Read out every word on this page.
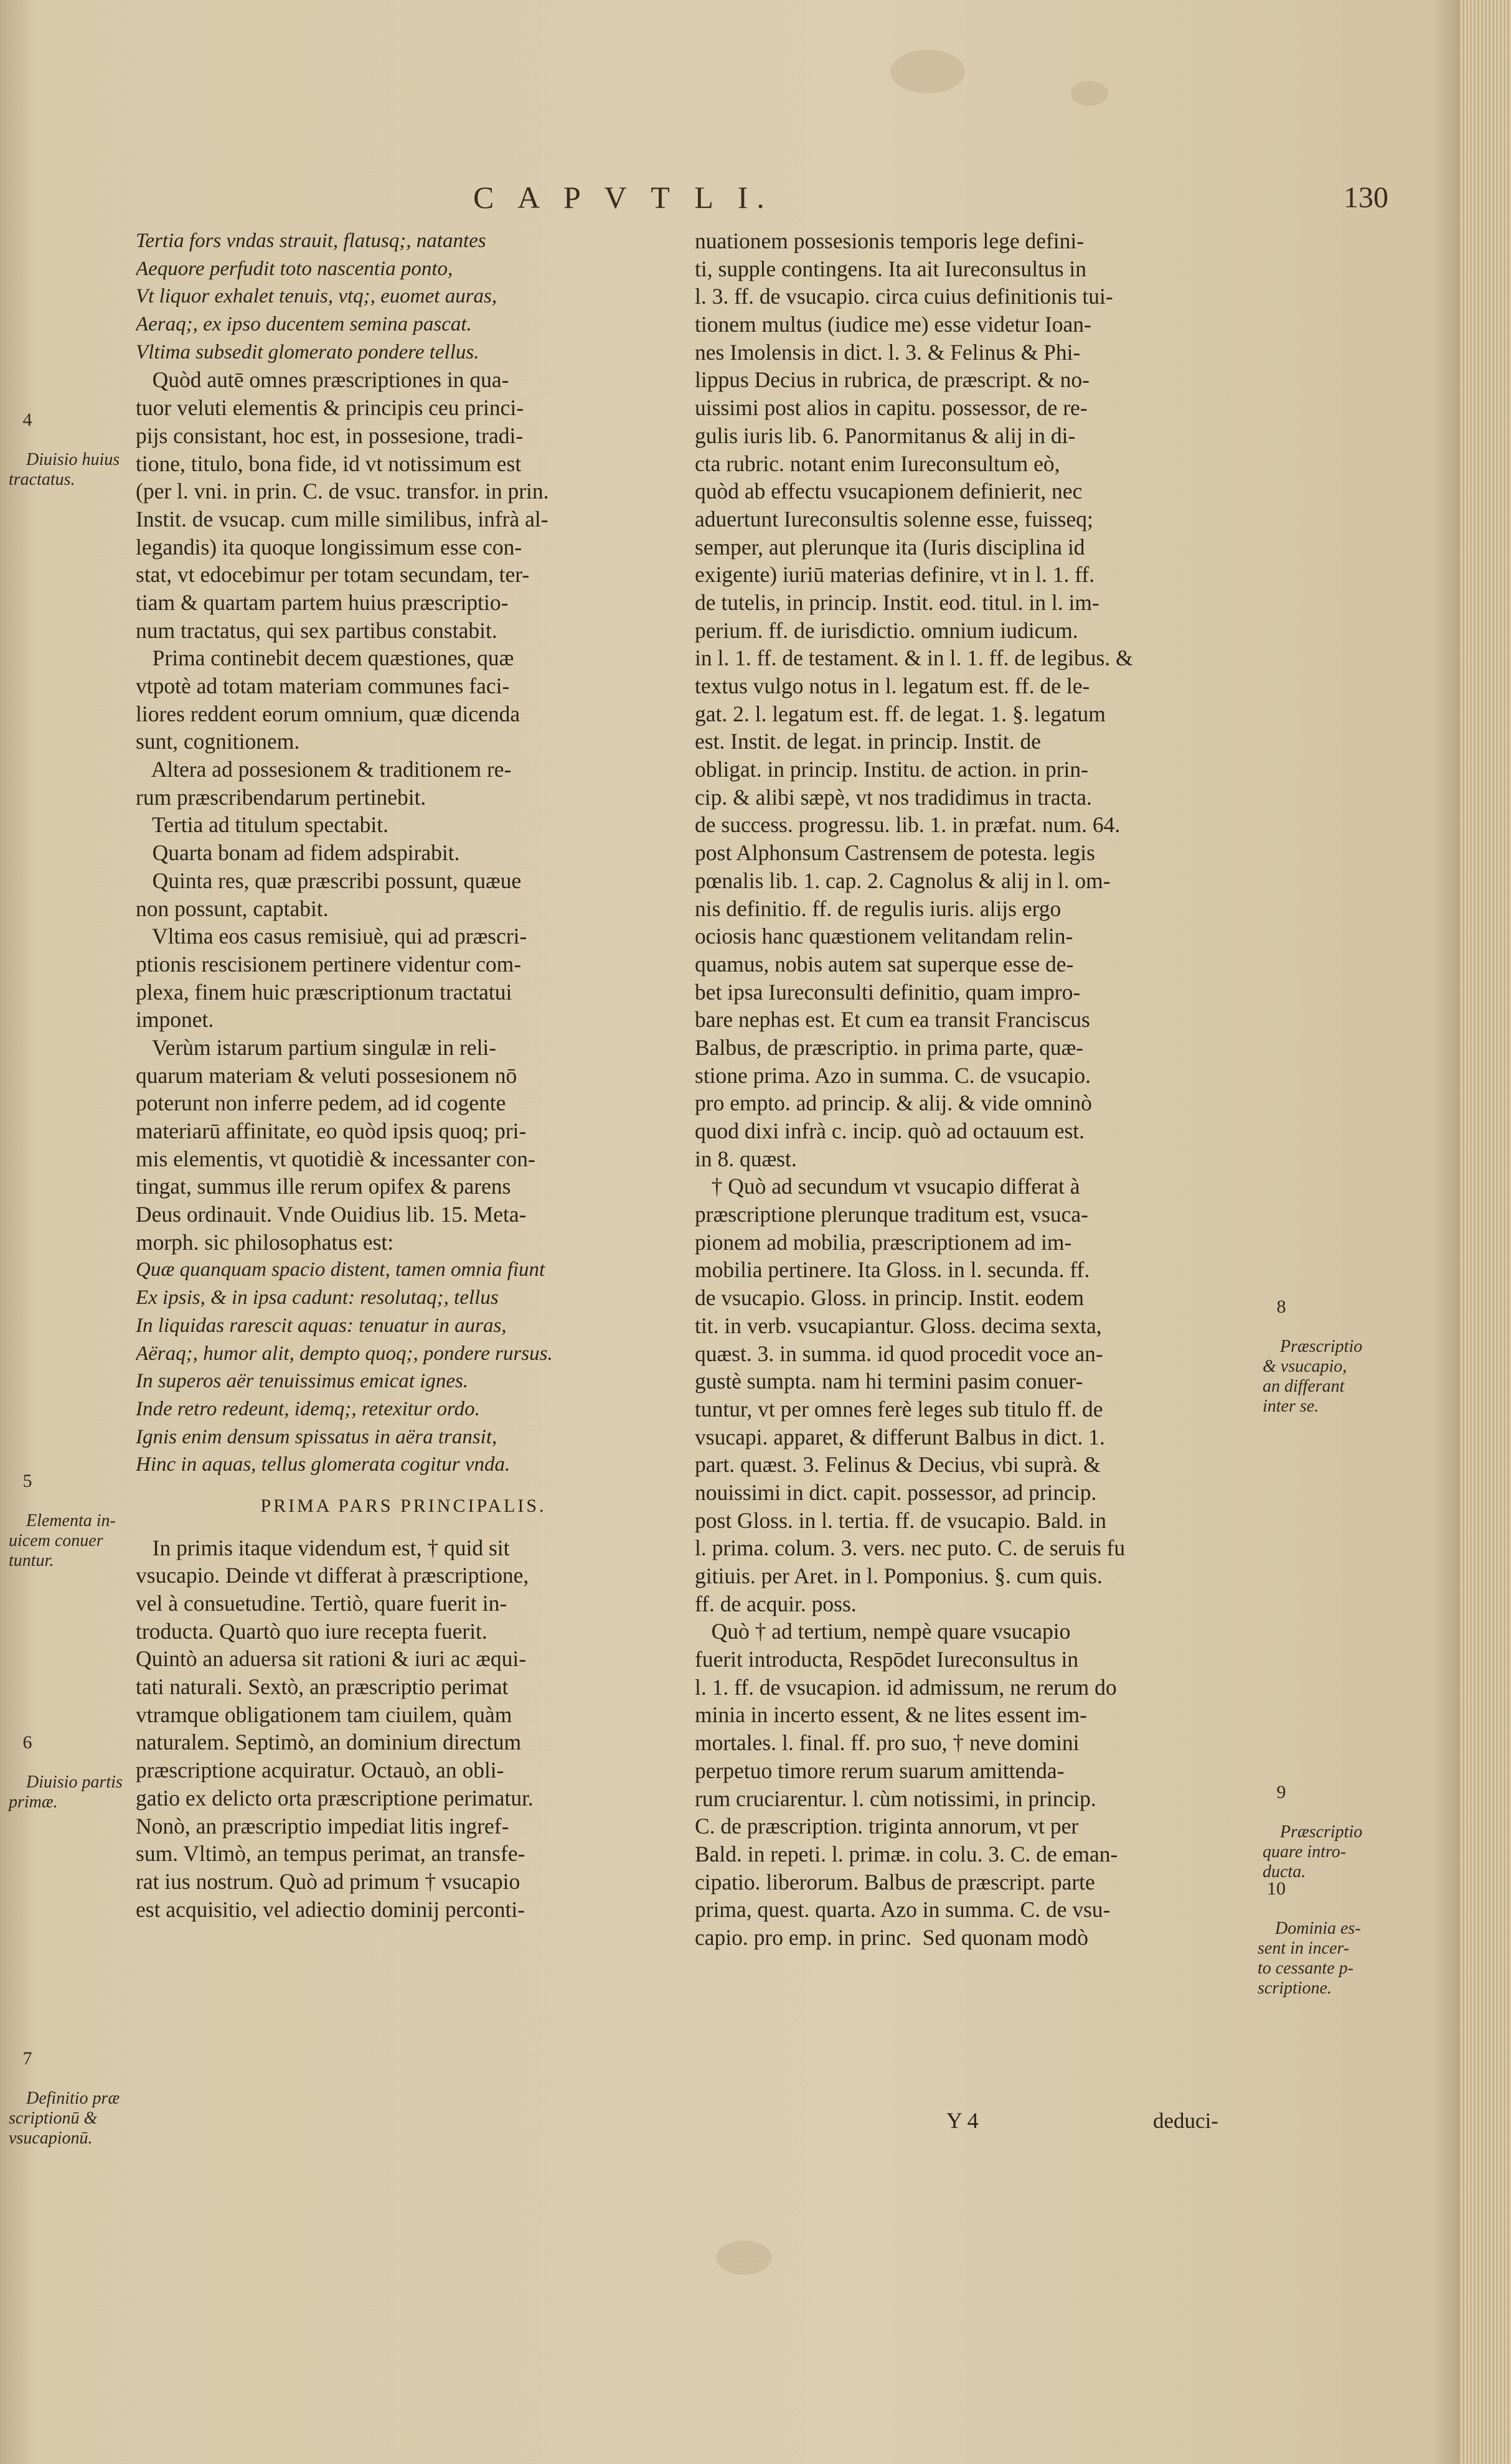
C A P V T L I.	130
Tertia fors vndas strauit, flatusq;, natantes
Aequore perfudit toto nascentia ponto,
Vt liquor exhalet tenuis, vtq;, euomet auras,
Aeraq;, ex ipso ducentem semina pascat.
Vltima subsedit glomerato pondere tellus.
Quòd autē omnes præscriptiones in qua-
tuor veluti elementis & principis ceu princi-
pijs consistant, hoc est, in possesione, tradi-
tione, titulo, bona fide, id vt notissimum est
(per l. vni. in prin. C. de vsuc. transfor. in prin.
Instit. de vsucap. cum mille similibus, infrà al-
legandis) ita quoque longissimum esse con-
stat, vt edocebimur per totam secundam, ter-
tiam & quartam partem huius præscriptio-
num tractatus, qui sex partibus constabit.
Prima continebit decem quæstiones, quæ
vtpotè ad totam materiam communes faci-
liores reddent eorum omnium, quæ dicenda
sunt, cognitionem.
Altera ad possesionem & traditionem re-
rum præscribendarum pertinebit.
Tertia ad titulum spectabit.
Quarta bonam ad fidem adspirabit.
Quinta res, quæ præscribi possunt, quæue
non possunt, captabit.
Vltima eos casus remisiuè, qui ad præscri-
ptionis rescisionem pertinere videntur com-
plexa, finem huic præscriptionum tractatui
imponet.
Verùm istarum partium singulæ in reli-
quarum materiam & veluti possesionem nō
poterunt non inferre pedem, ad id cogente
materiarū affinitate, eo quòd ipsis quoq; pri-
mis elementis, vt quotidiè & incessanter con-
tingat, summus ille rerum opifex & parens
Deus ordinauit. Vnde Ouidius lib. 15. Meta-
morph. sic philosophatus est:
Quæ quanquam spacio distent, tamen omnia fiunt
Ex ipsis, & in ipsa cadunt: resolutaq;, tellus
In liquidas rarescit aquas: tenuatur in auras,
Aëraq;, humor alit, dempto quoq;, pondere rursus.
In superos aër tenuissimus emicat ignes.
Inde retro redeunt, idemq;, retexitur ordo.
Ignis enim densum spissatus in aëra transit,
Hinc in aquas, tellus glomerata cogitur vnda.
PRIMA PARS PRINCIPALIS.
In primis itaque videndum est, † quid sit
vsucapio. Deinde vt differat à præscriptione,
vel à consuetudine. Tertiò, quare fuerit in-
troducta. Quartò quo iure recepta fuerit.
Quintò an aduersa sit rationi & iuri ac æqui-
tati naturali. Sextò, an præscriptio perimat
vtramque obligationem tam ciuilem, quàm
naturalem. Septimò, an dominium directum
præscriptione acquiratur. Octauò, an obli-
gatio ex delicto orta præscriptione perimatur.
Nonò, an præscriptio impediat litis ingref-
sum. Vltimò, an tempus perimat, an transfe-
rat ius nostrum. Quò ad primum † vsucapio
est acquisitio, vel adiectio dominij perconti-
nuationem possesionis temporis lege defini-
ti, supple contingens. Ita ait Iureconsultus in
l. 3. ff. de vsucapio. circa cuius definitionis tui-
tionem multus (iudice me) esse videtur Ioan-
nes Imolensis in dict. l. 3. & Felinus & Phi-
lippus Decius in rubrica, de præscript. & no-
uissimi post alios in capitu. possessor, de re-
gulis iuris lib. 6. Panormitanus & alij in di-
cta rubric. notant enim Iureconsultum eò,
quòd ab effectu vsucapionem definierit, nec
aduertunt Iureconsultis solenne esse, fuisseq;
semper, aut plerunque ita (Iuris disciplina id
exigente) iuriū materias definire, vt in l. 1. ff.
de tutelis, in princip. Instit. eod. titul. in l. im-
perium. ff. de iurisdictio. omnium iudicum.
in l. 1. ff. de testament. & in l. 1. ff. de legibus. &
textus vulgo notus in l. legatum est. ff. de le-
gat. 2. l. legatum est. ff. de legat. 1. §. legatum
est. Instit. de legat. in princip. Instit. de
obligat. in princip. Institu. de action. in prin-
cip. & alibi sæpè, vt nos tradidimus in tracta.
de success. progressu. lib. 1. in præfat. num. 64.
post Alphonsum Castrensem de potesta. legis
pœnalis lib. 1. cap. 2. Cagnolus & alij in l. om-
nis definitio. ff. de regulis iuris. alijs ergo
ociosis hanc quæstionem velitandam relin-
quamus, nobis autem sat superque esse de-
bet ipsa Iureconsulti definitio, quam impro-
bare nephas est. Et cum ea transit Franciscus
Balbus, de præscriptio. in prima parte, quæ-
stione prima. Azo in summa. C. de vsucapio.
pro empto. ad princip. & alij. & vide omninò
quod dixi infrà c. incip. quò ad octauum est.
in 8. quæst.
† Quò ad secundum vt vsucapio differat à
præscriptione plerunque traditum est, vsuca-
pionem ad mobilia, præscriptionem ad im-
mobilia pertinere. Ita Gloss. in l. secunda. ff.
de vsucapio. Gloss. in princip. Instit. eodem
tit. in verb. vsucapiantur. Gloss. decima sexta,
quæst. 3. in summa. id quod procedit voce an-
gustè sumpta. nam hi termini pasim conuer-
tuntur, vt per omnes ferè leges sub titulo ff. de
vsucapi. apparet, & differunt Balbus in dict. 1.
part. quæst. 3. Felinus & Decius, vbi suprà. &
nouissimi in dict. capit. possessor, ad princip.
post Gloss. in l. tertia. ff. de vsucapio. Bald. in
l. prima. colum. 3. vers. nec puto. C. de seruis fu
gitiuis. per Aret. in l. Pomponius. §. cum quis.
ff. de acquir. poss.
Quò † ad tertium, nempè quare vsucapio
fuerit introducta, Respōdet Iureconsultus in
l. 1. ff. de vsucapion. id admissum, ne rerum do
minia in incerto essent, & ne lites essent im-
mortales. l. final. ff. pro suo, † neve domini
perpetuo timore rerum suarum amittenda-
rum cruciarentur. l. cùm notissimi, in princip.
C. de præscription. triginta annorum, vt per
Bald. in repeti. l. primæ. in colu. 3. C. de eman-
cipatio. liberorum. Balbus de præscript. parte
prima, quest. quarta. Azo in summa. C. de vsu-
capio. pro emp. in princ.  Sed quonam modò

4

Diuisio huius
tractatus.

5

Elementa in-
uicem conuer
tuntur.

6

Diuisio partis
primæ.

7

Definitio præ
scriptionū &
vsucapionū.

8

Præscriptio
& vsucapio,
an differant
inter se.

9

Præscriptio
quare intro-
ducta.

10

Dominia es-
sent in incer-
to cessante p-
scriptione.

Y 4	deduci-
